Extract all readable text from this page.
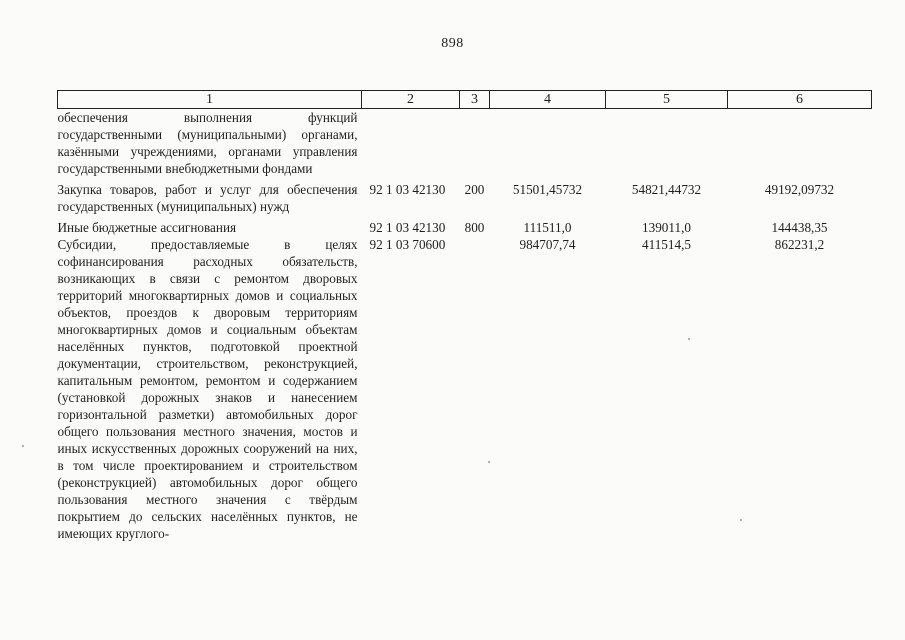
898
1	2	3	4	5	6
обеспечения выполнения функций государственными (муниципальными) органами, казёнными учреждениями, органами управления государственными внебюджетными фондами					
Закупка товаров, работ и услуг для обеспечения государственных (муниципальных) нужд	92 1 03 42130	200	51501,45732	54821,44732	49192,09732
Иные бюджетные ассигнования	92 1 03 42130	800	111511,0	139011,0	144438,35
Субсидии, предоставляемые в целях софинансирования расходных обязательств, возникающих в связи с ремонтом дворовых территорий многоквартирных домов и социальных объектов, проездов к дворовым территориям многоквартирных домов и социальным объектам населённых пунктов, подготовкой проектной документации, строительством, реконструкцией, капитальным ремонтом, ремонтом и содержанием (установкой дорожных знаков и нанесением горизонтальной разметки) автомобильных дорог общего пользования местного значения, мостов и иных искусственных дорожных сооружений на них, в том числе проектированием и строительством (реконструкцией) автомобильных дорог общего пользования местного значения с твёрдым покрытием до сельских населённых пунктов, не имеющих круглого-	92 1 03 70600		984707,74	411514,5	862231,2
